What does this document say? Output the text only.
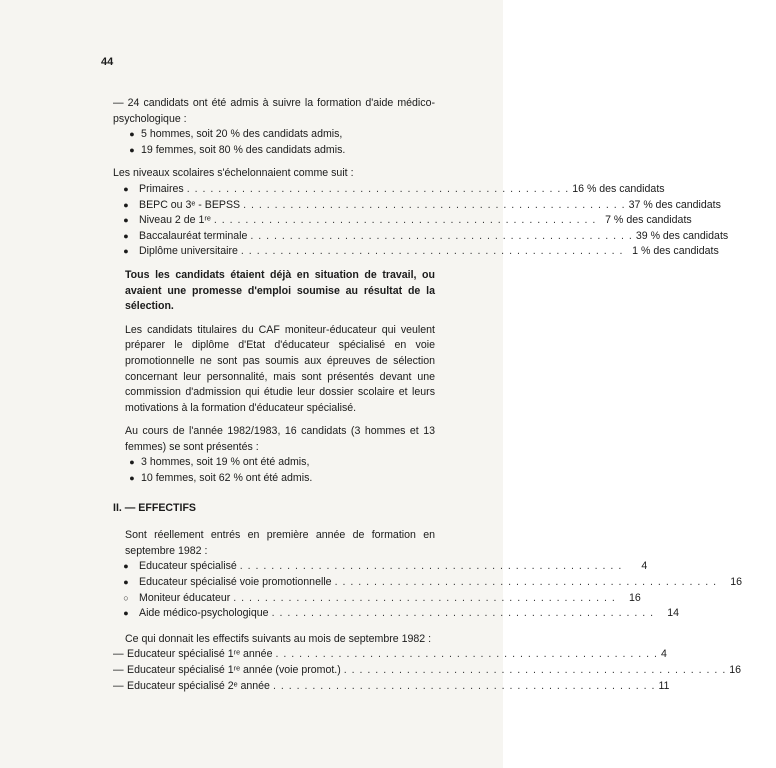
44
— 24 candidats ont été admis à suivre la formation d'aide médico-psychologique :
● 5 hommes, soit 20 % des candidats admis,
● 19 femmes, soit 80 % des candidats admis.
Les niveaux scolaires s'échelonnaient comme suit :
● Primaires . . .	16 % des candidats
● BEPC ou 3ᵉ - BEPSS . . .	37 % des candidats
● Niveau 2 de 1ʳᵉ . . .	7 % des candidats
● Baccalauréat terminale . . .	39 % des candidats
● Diplôme universitaire . . .	1 % des candidats
Tous les candidats étaient déjà en situation de travail, ou avaient une promesse d'emploi soumise au résultat de la sélection.
Les candidats titulaires du CAF moniteur-éducateur qui veulent préparer le diplôme d'Etat d'éducateur spécialisé en voie promotionnelle ne sont pas soumis aux épreuves de sélection concernant leur personnalité, mais sont présentés devant une commission d'admission qui étudie leur dossier scolaire et leurs motivations à la formation d'éducateur spécialisé.
Au cours de l'année 1982/1983, 16 candidats (3 hommes et 13 femmes) se sont présentés :
● 3 hommes, soit 19 % ont été admis,
● 10 femmes, soit 62 % ont été admis.
II. — EFFECTIFS
Sont réellement entrés en première année de formation en septembre 1982 :
● Educateur spécialisé . . .	4
● Educateur spécialisé voie promotionnelle . . .	16
○ Moniteur éducateur . . .	16
● Aide médico-psychologique . . .	14
Ce qui donnait les effectifs suivants au mois de septembre 1982 :
— Educateur spécialisé 1ʳᵉ année . . .	4
— Educateur spécialisé 1ʳᵉ année (voie promot.) . . .	16
— Educateur spécialisé 2ᵉ année . . .	11
